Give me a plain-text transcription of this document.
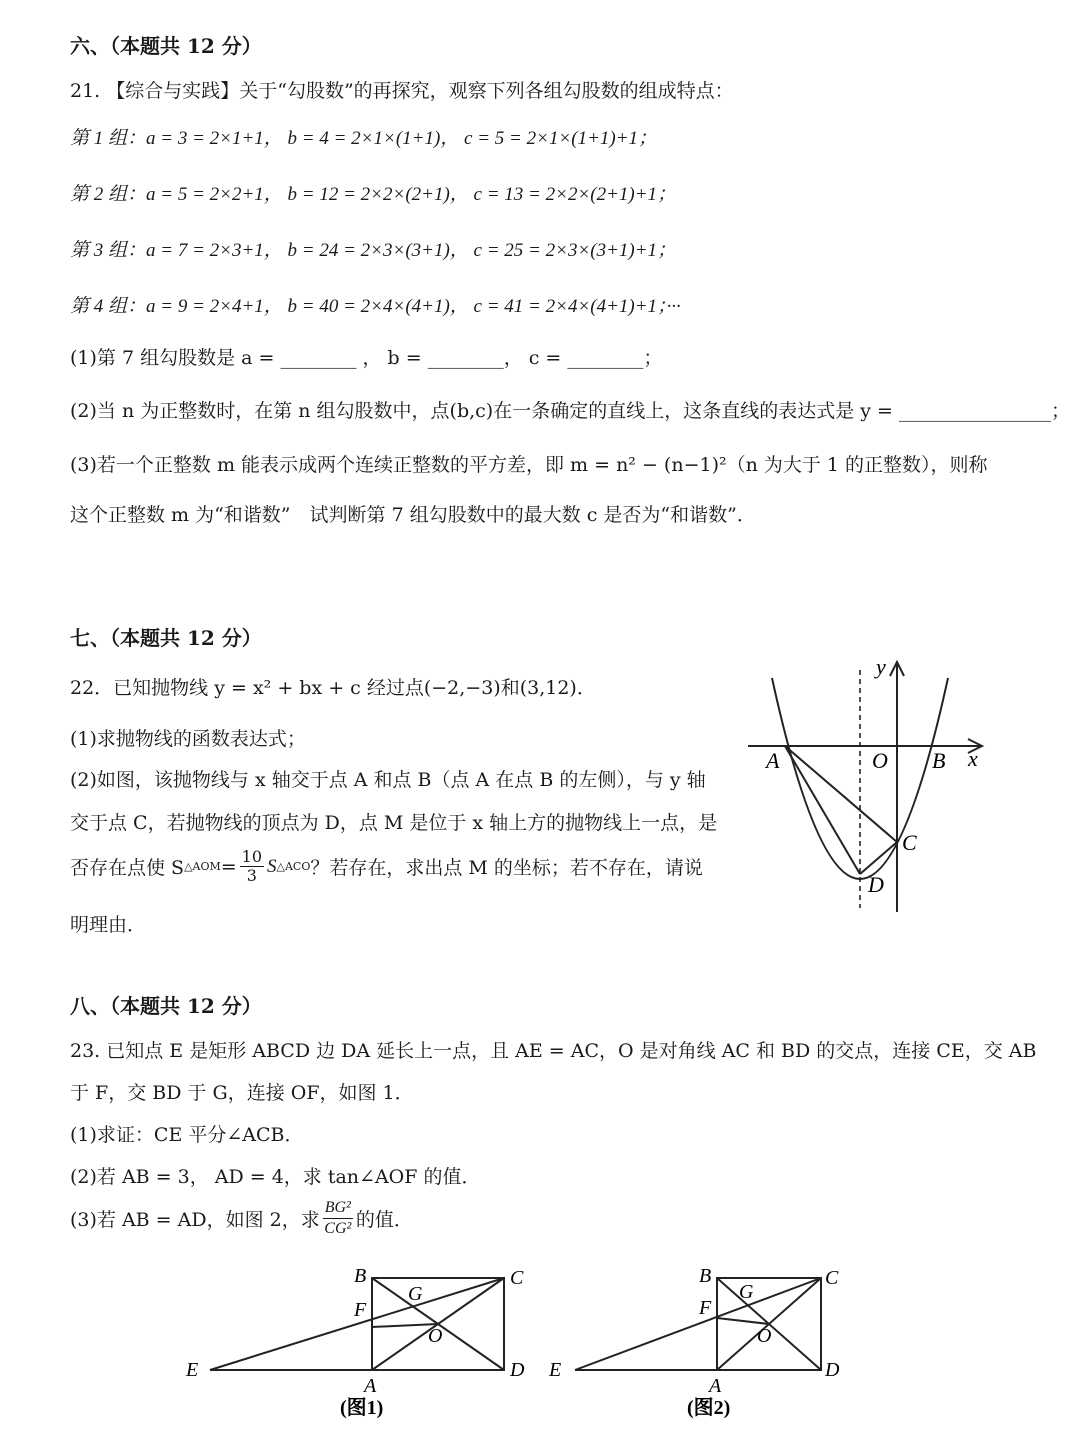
六、（本题共 12 分）
21. 【综合与实践】关于“勾股数”的再探究，观察下列各组勾股数的组成特点：
第 1 组：a = 3 = 2×1+1， b = 4 = 2×1×(1+1)， c = 5 = 2×1×(1+1)+1；
第 2 组：a = 5 = 2×2+1， b = 12 = 2×2×(2+1)， c = 13 = 2×2×(2+1)+1；
第 3 组：a = 7 = 2×3+1， b = 24 = 2×3×(3+1)， c = 25 = 2×3×(3+1)+1；
第 4 组：a = 9 = 2×4+1， b = 40 = 2×4×(4+1)， c = 41 = 2×4×(4+1)+1；···
(1)第 7 组勾股数是 a = ________ ， b = ________， c = ________；
(2)当 n 为正整数时，在第 n 组勾股数中，点(b,c)在一条确定的直线上，这条直线的表达式是 y = ________________；
(3)若一个正整数 m 能表示成两个连续正整数的平方差，即 m = n² − (n−1)²（n 为大于 1 的正整数），则称
这个正整数 m 为“和谐数”　试判断第 7 组勾股数中的最大数 c 是否为“和谐数”．
七、（本题共 12 分）
22．已知抛物线 y = x² + bx + c 经过点(−2,−3)和(3,12)．
(1)求抛物线的函数表达式；
(2)如图，该抛物线与 x 轴交于点 A 和点 B（点 A 在点 B 的左侧），与 y 轴
交于点 C，若抛物线的顶点为 D，点 M 是位于 x 轴上方的抛物线上一点，是
否存在点使 S △AOM = $\frac{10}{3}$ S △ACO ？若存在，求出点 M 的坐标；若不存在，请说
明理由．
y
x
A	O B
C
D
八、（本题共 12 分）
23. 已知点 E 是矩形 ABCD 边 DA 延长上一点，且 AE = AC，O 是对角线 AC 和 BD 的交点，连接 CE，交 AB
于 F，交 BD 于 G，连接 OF，如图 1．
(1)求证：CE 平分∠ACB．
(2)若 AB = 3， AD = 4，求 tan∠AOF 的值．
(3)若 AB = AD，如图 2，求 $\frac{\text{BG²}}{\text{CG²}}$ 的值．
B	C
G
F
O
E
A
D
(图1)
B	C
G
F
O
E
A
D
(图2)
